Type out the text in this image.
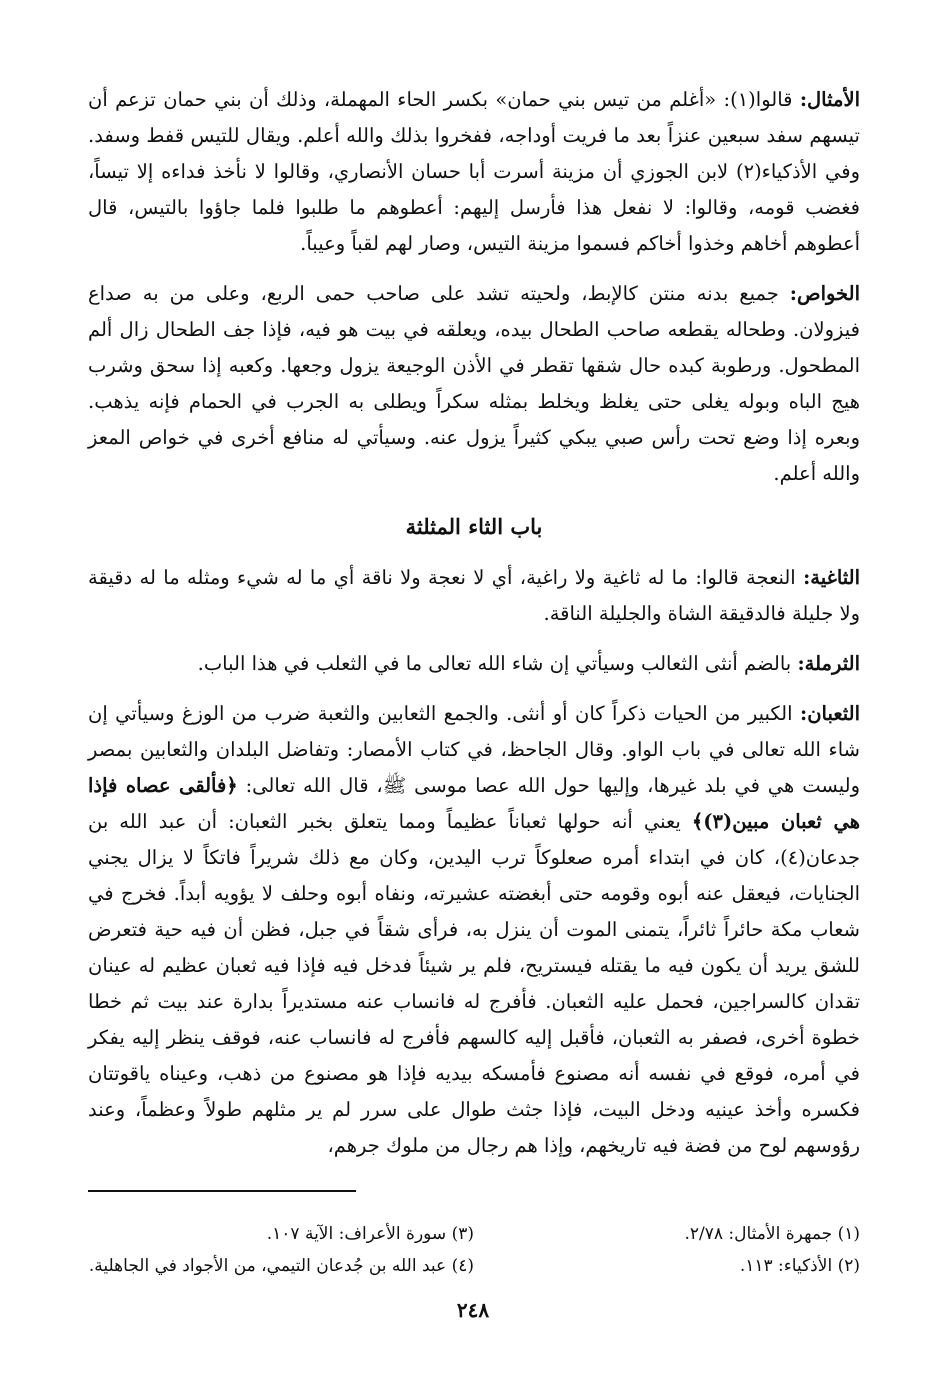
الأمثال: قالوا(١): «أغلم من تيس بني حمان» بكسر الحاء المهملة، وذلك أن بني حمان تزعم أن تيسهم سفد سبعين عنزاً بعد ما فريت أوداجه، ففخروا بذلك والله أعلم. ويقال للتيس قفط وسفد. وفي الأذكياء(٢) لابن الجوزي أن مزينة أسرت أبا حسان الأنصاري، وقالوا لا نأخذ فداءه إلا تيساً، فغضب قومه، وقالوا: لا نفعل هذا فأرسل إليهم: أعطوهم ما طلبوا فلما جاؤوا بالتيس، قال أعطوهم أخاهم وخذوا أخاكم فسموا مزينة التيس، وصار لهم لقباً وعيباً.

الخواص: جميع بدنه منتن كالإبط، ولحيته تشد على صاحب حمى الربع، وعلى من به صداع فيزولان. وطحاله يقطعه صاحب الطحال بيده، ويعلقه في بيت هو فيه، فإذا جف الطحال زال ألم المطحول. ورطوبة كبده حال شقها تقطر في الأذن الوجيعة يزول وجعها. وكعبه إذا سحق وشرب هيج الباه وبوله يغلى حتى يغلظ ويخلط بمثله سكراً ويطلى به الجرب في الحمام فإنه يذهب. وبعره إذا وضع تحت رأس صبي يبكي كثيراً يزول عنه. وسيأتي له منافع أخرى في خواص المعز والله أعلم.

باب الثاء المثلثة

الثاغية: النعجة قالوا: ما له ثاغية ولا راغية، أي لا نعجة ولا ناقة أي ما له شيء ومثله ما له دقيقة ولا جليلة فالدقيقة الشاة والجليلة الناقة.

الثرملة: بالضم أنثى الثعالب وسيأتي إن شاء الله تعالى ما في الثعلب في هذا الباب.

الثعبان: الكبير من الحيات ذكراً كان أو أنثى. والجمع الثعابين والثعبة ضرب من الوزغ وسيأتي إن شاء الله تعالى في باب الواو. وقال الجاحظ، في كتاب الأمصار: وتفاضل البلدان والثعابين بمصر وليست هي في بلد غيرها، وإليها حول الله عصا موسى ﷺ، قال الله تعالى: ﴿فألقى عصاه فإذا هي ثعبان مبين(٣)﴾ يعني أنه حولها ثعباناً عظيماً ومما يتعلق بخبر الثعبان: أن عبد الله بن جدعان(٤)، كان في ابتداء أمره صعلوكاً ترب اليدين، وكان مع ذلك شريراً فاتكاً لا يزال يجني الجنايات، فيعقل عنه أبوه وقومه حتى أبغضته عشيرته، ونفاه أبوه وحلف لا يؤويه أبداً. فخرج في شعاب مكة حائراً ثائراً، يتمنى الموت أن ينزل به، فرأى شقاً في جبل، فظن أن فيه حية فتعرض للشق يريد أن يكون فيه ما يقتله فيستريح، فلم ير شيئاً فدخل فيه فإذا فيه ثعبان عظيم له عينان تقدان كالسراجين، فحمل عليه الثعبان. فأفرج له فانساب عنه مستديراً بدارة عند بيت ثم خطا خطوة أخرى، فصفر به الثعبان، فأقبل إليه كالسهم فأفرج له فانساب عنه، فوقف ينظر إليه يفكر في أمره، فوقع في نفسه أنه مصنوع فأمسكه بيديه فإذا هو مصنوع من ذهب، وعيناه ياقوتتان فكسره وأخذ عينيه ودخل البيت، فإذا جثث طوال على سرر لم ير مثلهم طولاً وعظماً، وعند رؤوسهم لوح من فضة فيه تاريخهم، وإذا هم رجال من ملوك جرهم،

(١) جمهرة الأمثال: ٢/٧٨.
(٣) سورة الأعراف: الآية ١٠٧.
(٢) الأذكياء: ١١٣.
(٤) عبد الله بن جُدعان التيمي، من الأجواد في الجاهلية.
٢٤٨
